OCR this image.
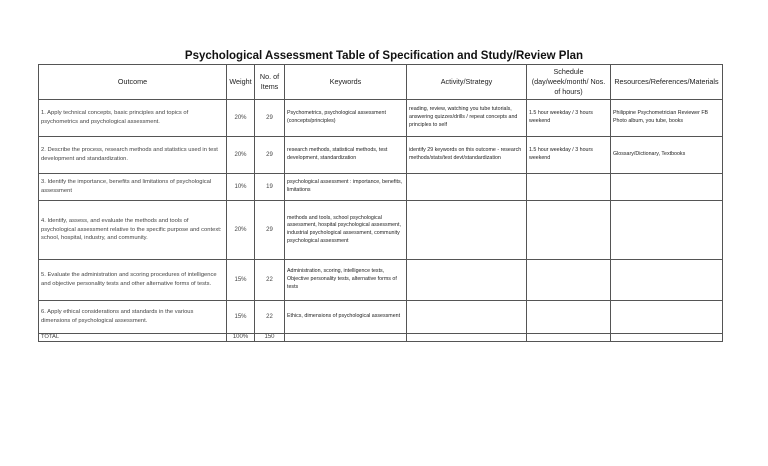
Psychological Assessment Table of Specification and Study/Review Plan
Outcome	Weight	No. of Items	Keywords	Activity/Strategy	Schedule (day/week/month/ Nos. of hours)	Resources/References/Materials
1. Apply technical concepts, basic principles and topics of psychometrics and psychological assessment.	20%	29	Psychometrics, psychological assessment (concepts/principles)	reading, review, watching you tube tutorials, answering quizzes/drills / repeat concepts and principles to self	1.5 hour weekday / 3 hours weekend	Philippine Psychometrician Reviewer FB Photo album, you tube, books
2. Describe the process, research methods and statistics used in test development and standardization.	20%	29	research methods, statistical methods, test development, standardization	identify 29 keywords on this outcome - research methods/stats/test devt/standardization	1.5 hour weekday / 3 hours weekend	Glossary/Dictionary, Textbooks
3. Identify the importance, benefits and limitations of psychological assessment	10%	19	psychological assessment : importance, benefits, limitations			
4. Identify, assess, and evaluate the methods and tools of psychological assessment relative to the specific purpose and context: school, hospital, industry, and community.	20%	29	methods and tools, school psychological assessment, hospital psychological assessment, industrial psychological assessment, community psychological assessment			
5. Evaluate the administration and scoring procedures of intelligence and objective personality tests and other alternative forms of tests.	15%	22	Administration, scoring, intelligence tests, Objective personality tests, alternative forms of tests			
6. Apply ethical considerations and standards in the various dimensions of psychological assessment.	15%	22	Ethics, dimensions of psychological assessment			
TOTAL	100%	150				
